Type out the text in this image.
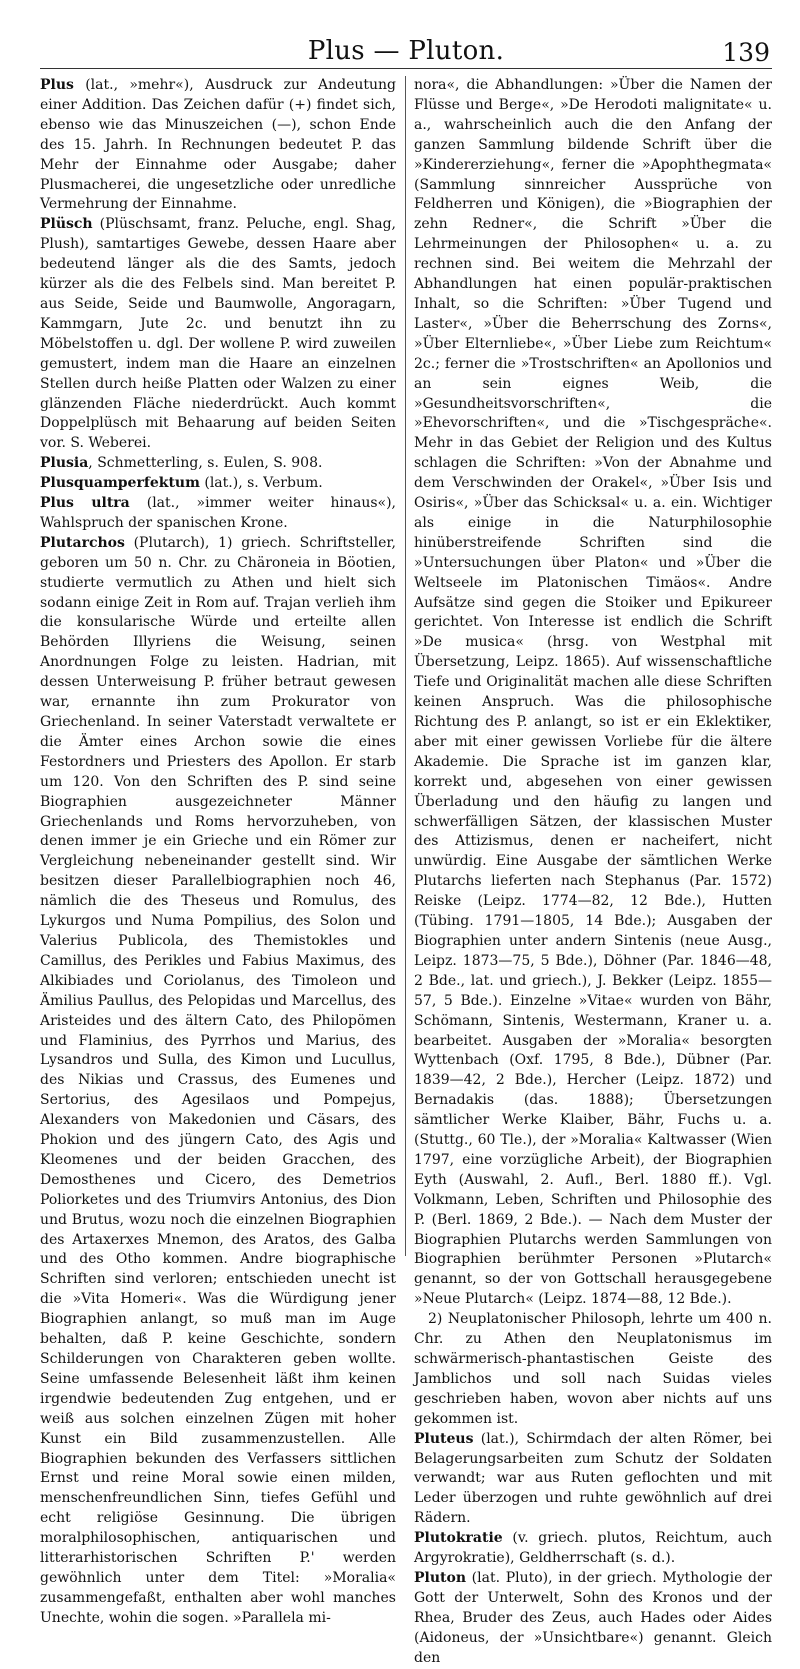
Plus — Pluton.	139
Plus (lat., »mehr«), Ausdruck zur Andeutung einer Addition. Das Zeichen dafür (+) findet sich, ebenso wie das Minuszeichen (—), schon Ende des 15. Jahrh. In Rechnungen bedeutet P. das Mehr der Einnahme oder Ausgabe; daher Plusmacherei, die ungesetzliche oder unredliche Vermehrung der Einnahme.
Plüsch (Plüschsamt, franz. Peluche, engl. Shag, Plush), samtartiges Gewebe, dessen Haare aber bedeutend länger als die des Samts, jedoch kürzer als die des Felbels sind. Man bereitet P. aus Seide, Seide und Baumwolle, Angoragarn, Kammgarn, Jute 2c. und benutzt ihn zu Möbelstoffen u. dgl. Der wollene P. wird zuweilen gemustert, indem man die Haare an einzelnen Stellen durch heiße Platten oder Walzen zu einer glänzenden Fläche niederdrückt. Auch kommt Doppelplüsch mit Behaarung auf beiden Seiten vor. S. Weberei.
Plusia, Schmetterling, s. Eulen, S. 908.
Plusquamperfektum (lat.), s. Verbum.
Plus ultra (lat., »immer weiter hinaus«), Wahlspruch der spanischen Krone.
Plutarchos (Plutarch), 1) griech. Schriftsteller, geboren um 50 n. Chr. zu Chäroneia in Böotien, studierte vermutlich zu Athen und hielt sich sodann einige Zeit in Rom auf. Trajan verlieh ihm die konsularische Würde und erteilte allen Behörden Illyriens die Weisung, seinen Anordnungen Folge zu leisten. Hadrian, mit dessen Unterweisung P. früher betraut gewesen war, ernannte ihn zum Prokurator von Griechenland. In seiner Vaterstadt verwaltete er die Ämter eines Archon sowie die eines Festordners und Priesters des Apollon. Er starb um 120. Von den Schriften des P. sind seine Biographien ausgezeichneter Männer Griechenlands und Roms hervorzuheben, von denen immer je ein Grieche und ein Römer zur Vergleichung nebeneinander gestellt sind. Wir besitzen dieser Parallelbiographien noch 46, nämlich die des Theseus und Romulus, des Lykurgos und Numa Pompilius, des Solon und Valerius Publicola, des Themistokles und Camillus, des Perikles und Fabius Maximus, des Alkibiades und Coriolanus, des Timoleon und Ämilius Paullus, des Pelopidas und Marcellus, des Aristeides und des ältern Cato, des Philopömen und Flaminius, des Pyrrhos und Marius, des Lysandros und Sulla, des Kimon und Lucullus, des Nikias und Crassus, des Eumenes und Sertorius, des Agesilaos und Pompejus, Alexanders von Makedonien und Cäsars, des Phokion und des jüngern Cato, des Agis und Kleomenes und der beiden Gracchen, des Demosthenes und Cicero, des Demetrios Poliorketes und des Triumvirs Antonius, des Dion und Brutus, wozu noch die einzelnen Biographien des Artaxerxes Mnemon, des Aratos, des Galba und des Otho kommen. Andre biographische Schriften sind verloren; entschieden unecht ist die »Vita Homeri«. Was die Würdigung jener Biographien anlangt, so muß man im Auge behalten, daß P. keine Geschichte, sondern Schilderungen von Charakteren geben wollte. Seine umfassende Belesenheit läßt ihm keinen irgendwie bedeutenden Zug entgehen, und er weiß aus solchen einzelnen Zügen mit hoher Kunst ein Bild zusammenzustellen. Alle Biographien bekunden des Verfassers sittlichen Ernst und reine Moral sowie einen milden, menschenfreundlichen Sinn, tiefes Gefühl und echt religiöse Gesinnung. Die übrigen moralphilosophischen, antiquarischen und litterarhistorischen Schriften P.' werden gewöhnlich unter dem Titel: »Moralia« zusammengefaßt, enthalten aber wohl manches Unechte, wohin die sogen. »Parallela mi-
nora«, die Abhandlungen: »Über die Namen der Flüsse und Berge«, »De Herodoti malignitate« u. a., wahrscheinlich auch die den Anfang der ganzen Sammlung bildende Schrift über die »Kindererziehung«, ferner die »Apophthegmata« (Sammlung sinnreicher Aussprüche von Feldherren und Königen), die »Biographien der zehn Redner«, die Schrift »Über die Lehrmeinungen der Philosophen« u. a. zu rechnen sind. Bei weitem die Mehrzahl der Abhandlungen hat einen populär-praktischen Inhalt, so die Schriften: »Über Tugend und Laster«, »Über die Beherrschung des Zorns«, »Über Elternliebe«, »Über Liebe zum Reichtum« 2c.; ferner die »Trostschriften« an Apollonios und an sein eignes Weib, die »Gesundheitsvorschriften«, die »Ehevorschriften«, und die »Tischgespräche«. Mehr in das Gebiet der Religion und des Kultus schlagen die Schriften: »Von der Abnahme und dem Verschwinden der Orakel«, »Über Isis und Osiris«, »Über das Schicksal« u. a. ein. Wichtiger als einige in die Naturphilosophie hinüberstreifende Schriften sind die »Untersuchungen über Platon« und »Über die Weltseele im Platonischen Timäos«. Andre Aufsätze sind gegen die Stoiker und Epikureer gerichtet. Von Interesse ist endlich die Schrift »De musica« (hrsg. von Westphal mit Übersetzung, Leipz. 1865). Auf wissenschaftliche Tiefe und Originalität machen alle diese Schriften keinen Anspruch. Was die philosophische Richtung des P. anlangt, so ist er ein Eklektiker, aber mit einer gewissen Vorliebe für die ältere Akademie. Die Sprache ist im ganzen klar, korrekt und, abgesehen von einer gewissen Überladung und den häufig zu langen und schwerfälligen Sätzen, der klassischen Muster des Attizismus, denen er nacheifert, nicht unwürdig. Eine Ausgabe der sämtlichen Werke Plutarchs lieferten nach Stephanus (Par. 1572) Reiske (Leipz. 1774—82, 12 Bde.), Hutten (Tübing. 1791—1805, 14 Bde.); Ausgaben der Biographien unter andern Sintenis (neue Ausg., Leipz. 1873—75, 5 Bde.), Döhner (Par. 1846—48, 2 Bde., lat. und griech.), J. Bekker (Leipz. 1855—57, 5 Bde.). Einzelne »Vitae« wurden von Bähr, Schömann, Sintenis, Westermann, Kraner u. a. bearbeitet. Ausgaben der »Moralia« besorgten Wyttenbach (Oxf. 1795, 8 Bde.), Dübner (Par. 1839—42, 2 Bde.), Hercher (Leipz. 1872) und Bernadakis (das. 1888); Übersetzungen sämtlicher Werke Klaiber, Bähr, Fuchs u. a. (Stuttg., 60 Tle.), der »Moralia« Kaltwasser (Wien 1797, eine vorzügliche Arbeit), der Biographien Eyth (Auswahl, 2. Aufl., Berl. 1880 ff.). Vgl. Volkmann, Leben, Schriften und Philosophie des P. (Berl. 1869, 2 Bde.). — Nach dem Muster der Biographien Plutarchs werden Sammlungen von Biographien berühmter Personen »Plutarch« genannt, so der von Gottschall herausgegebene »Neue Plutarch« (Leipz. 1874—88, 12 Bde.).
2) Neuplatonischer Philosoph, lehrte um 400 n. Chr. zu Athen den Neuplatonismus im schwärmerisch-phantastischen Geiste des Jamblichos und soll nach Suidas vieles geschrieben haben, wovon aber nichts auf uns gekommen ist.
Pluteus (lat.), Schirmdach der alten Römer, bei Belagerungsarbeiten zum Schutz der Soldaten verwandt; war aus Ruten geflochten und mit Leder überzogen und ruhte gewöhnlich auf drei Rädern.
Plutokratie (v. griech. plutos, Reichtum, auch Argyrokratie), Geldherrschaft (s. d.).
Pluton (lat. Pluto), in der griech. Mythologie der Gott der Unterwelt, Sohn des Kronos und der Rhea, Bruder des Zeus, auch Hades oder Aides (Aidoneus, der »Unsichtbare«) genannt. Gleich den
